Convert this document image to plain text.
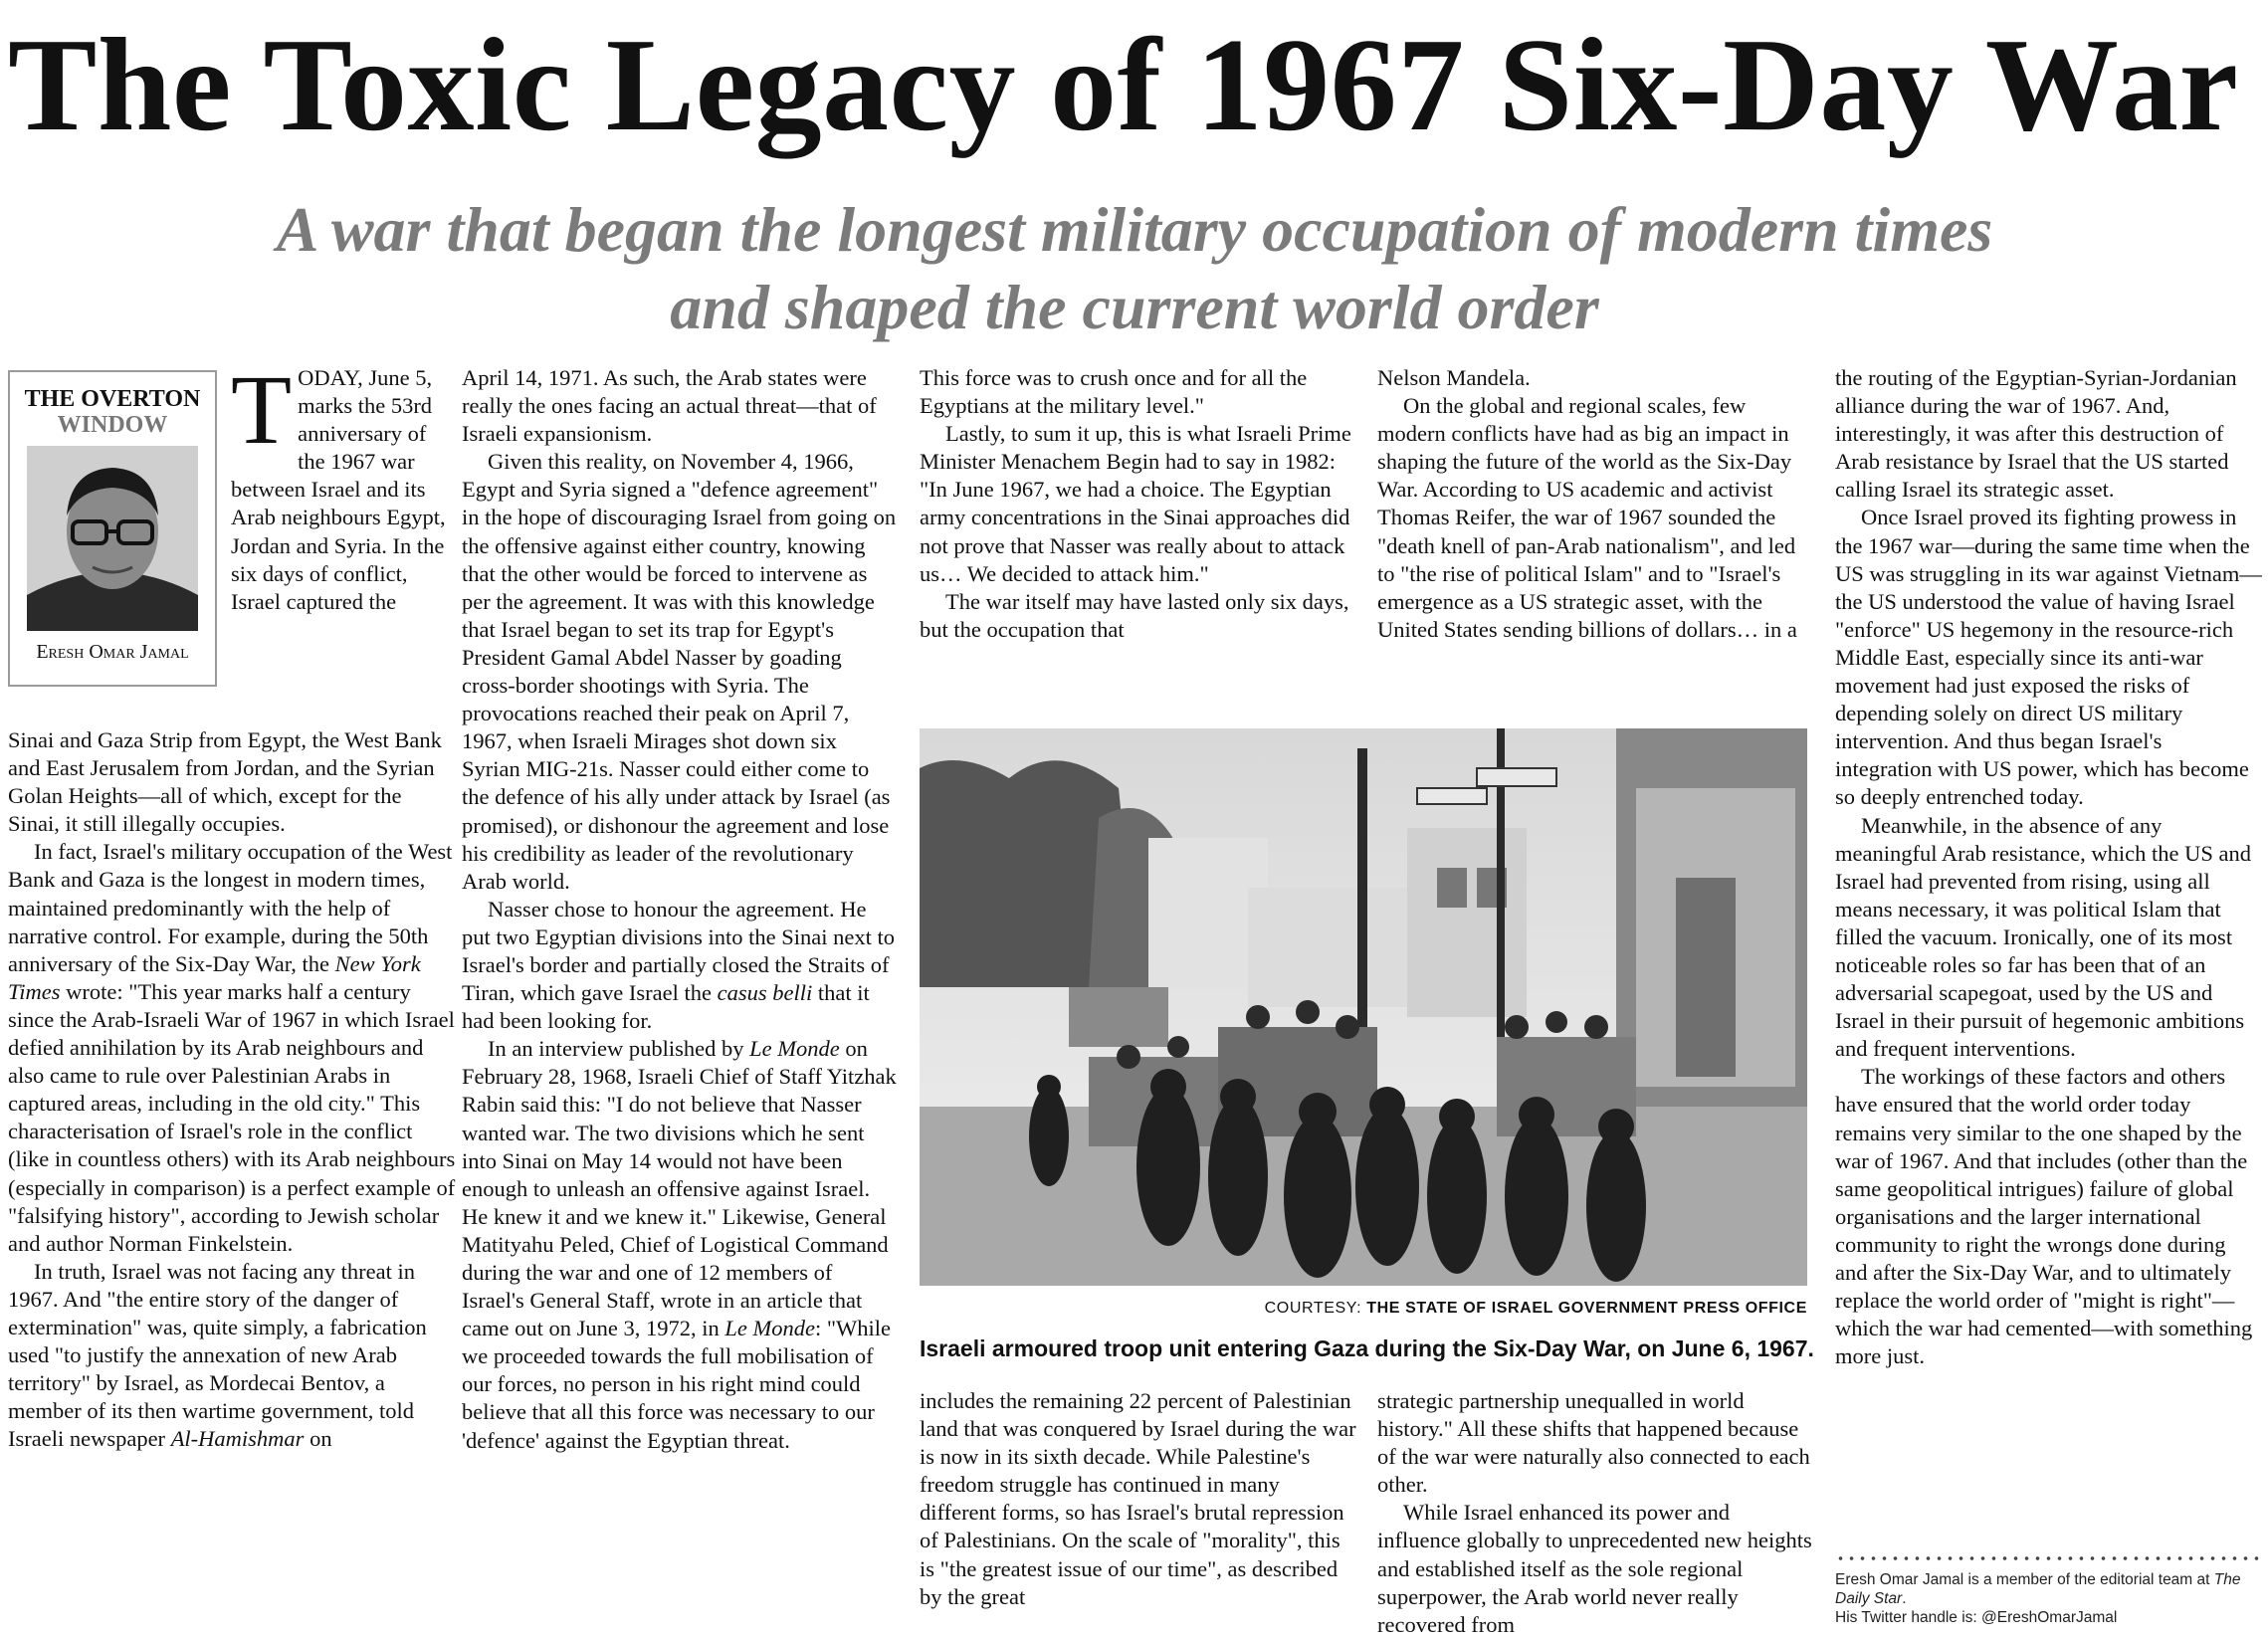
The Toxic Legacy of 1967 Six-Day War
A war that began the longest military occupation of modern times
and shaped the current world order
THE OVERTON
WINDOW
Eresh Omar Jamal
T ODAY, June 5, marks the 53rd anniversary of the 1967 war between Israel and its Arab neighbours Egypt, Jordan and Syria. In the six days of conflict, Israel captured the

Sinai and Gaza Strip from Egypt, the West Bank and East Jerusalem from Jordan, and the Syrian Golan Heights—all of which, except for the Sinai, it still illegally occupies.

In fact, Israel's military occupation of the West Bank and Gaza is the longest in modern times, maintained predominantly with the help of narrative control. For example, during the 50th anniversary of the Six-Day War, the New York Times wrote: "This year marks half a century since the Arab-Israeli War of 1967 in which Israel defied annihilation by its Arab neighbours and also came to rule over Palestinian Arabs in captured areas, including in the old city." This characterisation of Israel's role in the conflict (like in countless others) with its Arab neighbours (especially in comparison) is a perfect example of "falsifying history", according to Jewish scholar and author Norman Finkelstein.

In truth, Israel was not facing any threat in 1967. And "the entire story of the danger of extermination" was, quite simply, a fabrication used "to justify the annexation of new Arab territory" by Israel, as Mordecai Bentov, a member of its then wartime government, told Israeli newspaper Al-Hamishmar on

April 14, 1971. As such, the Arab states were really the ones facing an actual threat—that of Israeli expansionism.

Given this reality, on November 4, 1966, Egypt and Syria signed a "defence agreement" in the hope of discouraging Israel from going on the offensive against either country, knowing that the other would be forced to intervene as per the agreement. It was with this knowledge that Israel began to set its trap for Egypt's President Gamal Abdel Nasser by goading cross-border shootings with Syria. The provocations reached their peak on April 7, 1967, when Israeli Mirages shot down six Syrian MIG-21s. Nasser could either come to the defence of his ally under attack by Israel (as promised), or dishonour the agreement and lose his credibility as leader of the revolutionary Arab world.

Nasser chose to honour the agreement. He put two Egyptian divisions into the Sinai next to Israel's border and partially closed the Straits of Tiran, which gave Israel the casus belli that it had been looking for.

In an interview published by Le Monde on February 28, 1968, Israeli Chief of Staff Yitzhak Rabin said this: "I do not believe that Nasser wanted war. The two divisions which he sent into Sinai on May 14 would not have been enough to unleash an offensive against Israel. He knew it and we knew it." Likewise, General Matityahu Peled, Chief of Logistical Command during the war and one of 12 members of Israel's General Staff, wrote in an article that came out on June 3, 1972, in Le Monde: "While we proceeded towards the full mobilisation of our forces, no person in his right mind could believe that all this force was necessary to our 'defence' against the Egyptian threat.

This force was to crush once and for all the Egyptians at the military level."

Lastly, to sum it up, this is what Israeli Prime Minister Menachem Begin had to say in 1982: "In June 1967, we had a choice. The Egyptian army concentrations in the Sinai approaches did not prove that Nasser was really about to attack us… We decided to attack him."

The war itself may have lasted only six days, but the occupation that

Nelson Mandela.

On the global and regional scales, few modern conflicts have had as big an impact in shaping the future of the world as the Six-Day War. According to US academic and activist Thomas Reifer, the war of 1967 sounded the "death knell of pan-Arab nationalism", and led to "the rise of political Islam" and to "Israel's emergence as a US strategic asset, with the United States sending billions of dollars… in a

COURTESY: THE STATE OF ISRAEL GOVERNMENT PRESS OFFICE
Israeli armoured troop unit entering Gaza during the Six-Day War, on June 6, 1967.

includes the remaining 22 percent of Palestinian land that was conquered by Israel during the war is now in its sixth decade. While Palestine's freedom struggle has continued in many different forms, so has Israel's brutal repression of Palestinians. On the scale of "morality", this is "the greatest issue of our time", as described by the great

strategic partnership unequalled in world history." All these shifts that happened because of the war were naturally also connected to each other.

While Israel enhanced its power and influence globally to unprecedented new heights and established itself as the sole regional superpower, the Arab world never really recovered from

the routing of the Egyptian-Syrian-Jordanian alliance during the war of 1967. And, interestingly, it was after this destruction of Arab resistance by Israel that the US started calling Israel its strategic asset.

Once Israel proved its fighting prowess in the 1967 war—during the same time when the US was struggling in its war against Vietnam—the US understood the value of having Israel "enforce" US hegemony in the resource-rich Middle East, especially since its anti-war movement had just exposed the risks of depending solely on direct US military intervention. And thus began Israel's integration with US power, which has become so deeply entrenched today.

Meanwhile, in the absence of any meaningful Arab resistance, which the US and Israel had prevented from rising, using all means necessary, it was political Islam that filled the vacuum. Ironically, one of its most noticeable roles so far has been that of an adversarial scapegoat, used by the US and Israel in their pursuit of hegemonic ambitions and frequent interventions.

The workings of these factors and others have ensured that the world order today remains very similar to the one shaped by the war of 1967. And that includes (other than the same geopolitical intrigues) failure of global organisations and the larger international community to right the wrongs done during and after the Six-Day War, and to ultimately replace the world order of "might is right"—which the war had cemented—with something more just.

Eresh Omar Jamal is a member of the editorial team at The Daily Star.

His Twitter handle is: @EreshOmarJamal
